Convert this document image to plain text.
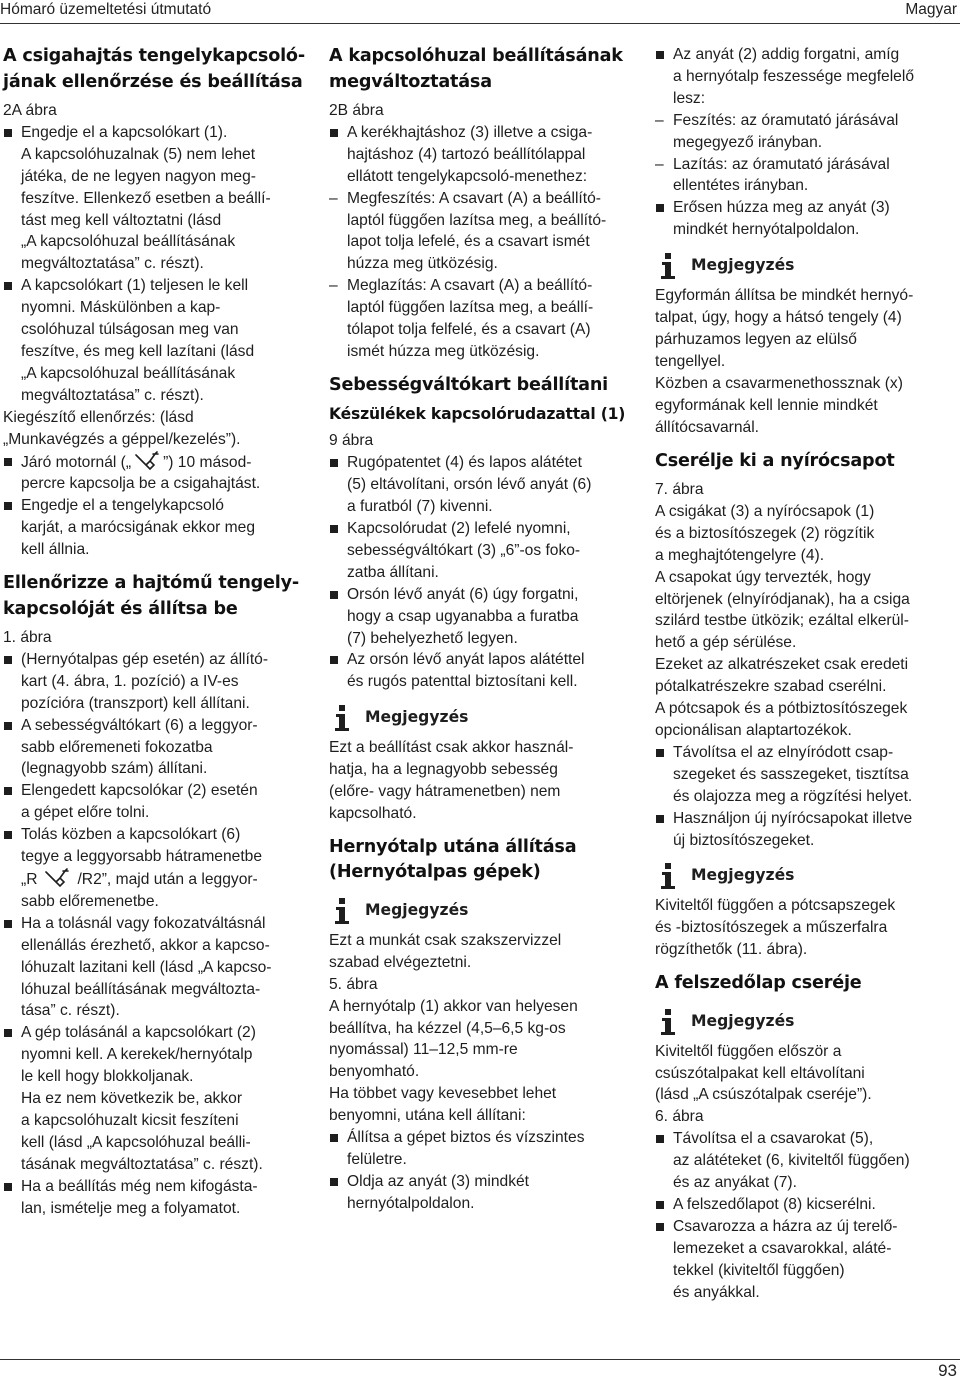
Hómaró üzemeltetési útmutató	Magyar
A csigahajtás tengelykapcsoló-jának ellenőrzése és beállítása

2A ábra

Engedje el a kapcsolókart (1).
A kapcsolóhuzalnak (5) nem lehet
játéka, de ne legyen nagyon meg-
feszítve. Ellenkező esetben a beállí-
tást meg kell változtatni (lásd
„A kapcsolóhuzal beállításának
megváltoztatása” c. részt).
A kapcsolókart (1) teljesen le kell
nyomni. Máskülönben a kap-
csolóhuzal túlságosan meg van
feszítve, és meg kell lazítani (lásd
„A kapcsolóhuzal beállításának
megváltoztatása” c. részt).

Kiegészítő ellenőrzés: (lásd
„Munkavégzés a géppel/kezelés”).

Járó motornál („ ”) 10 másod-
percre kapcsolja be a csigahajtást.
Engedje el a tengelykapcsoló
karját, a marócsigának ekkor meg
kell állnia.
Ellenőrizze a hajtómű tengely-kapcsolóját és állítsa be

1. ábra

(Hernyótalpas gép esetén) az állító-
kart (4. ábra, 1. pozíció) a IV-es
pozícióra (transzport) kell állítani.
A sebességváltókart (6) a leggyor-
sabb előremeneti fokozatba
(legnagyobb szám) állítani.
Elengedett kapcsolókar (2) esetén
a gépet előre tolni.
Tolás közben a kapcsolókart (6)
tegye a leggyorsabb hátramenetbe
„R	/R2”, majd után a leggyor-
sabb előremenetbe.
Ha a tolásnál vagy fokozatváltásnál
ellenállás érezhető, akkor a kapcso-
lóhuzalt lazitani kell (lásd „A kapcso-
lóhuzal beállításának megváltozta-
tása” c. részt).
A gép tolásánál a kapcsolókart (2)
nyomni kell. A kerekek/hernyótalp
le kell hogy blokkoljanak.
Ha ez nem következik be, akkor
a kapcsolóhuzalt kicsit feszíteni
kell (lásd „A kapcsolóhuzal beálli-
tásának megváltoztatása” c. részt).
Ha a beállítás még nem kifogásta-
lan, ismételje meg a folyamatot.
A kapcsolóhuzal beállításának megváltoztatása

2B ábra

A kerékhajtáshoz (3) illetve a csiga-
hajtáshoz (4) tartozó beállítólappal
ellátott tengelykapcsoló-menethez:
– Megfeszítés: A csavart (A) a beállító-
laptól függően lazítsa meg, a beállító-
lapot tolja lefelé, és a csavart ismét
húzza meg ütközésig.
– Meglazítás: A csavart (A) a beállító-
laptól függően lazítsa meg, a beállí-
tólapot tolja felfelé, és a csavart (A)
ismét húzza meg ütközésig.
Sebességváltókart beállítani
Készülékek kapcsolórudazattal (1)

9 ábra

Rugópatentet (4) és lapos alátétet
(5) eltávolítani, orsón lévő anyát (6)
a furatból (7) kivenni.
Kapcsolórudat (2) lefelé nyomni,
sebességváltókart (3) „6”-os foko-
zatba állítani.
Orsón lévő anyát (6) úgy forgatni,
hogy a csap ugyanabba a furatba
(7) behelyezhető legyen.
Az orsón lévő anyát lapos alátéttel
és rugós patenttal biztosítani kell.
Megjegyzés

Ezt a beállítást csak akkor használ-
hatja, ha a legnagyobb sebesség
(előre- vagy hátramenetben) nem
kapcsolható.

Hernyótalp utána állítása (Hernyótalpas gépek)
Megjegyzés

Ezt a munkát csak szakszervizzel
szabad elvégeztetni.

5. ábra

A hernyótalp (1) akkor van helyesen
beállítva, ha kézzel (4,5–6,5 kg-os
nyomással) 11–12,5 mm-re
benyomható.

Ha többet vagy kevesebbet lehet
benyomni, utána kell állítani:

Állítsa a gépet biztos és vízszintes
felületre.
Oldja az anyát (3) mindkét
hernyótalpoldalon.
Az anyát (2) addig forgatni, amíg
a hernyótalp feszessége megfelelő
lesz:
– Feszítés: az óramutató járásával
megegyező irányban.
– Lazítás: az óramutató járásával
ellentétes irányban.
Erősen húzza meg az anyát (3)
mindkét hernyótalpoldalon.
Megjegyzés

Egyformán állítsa be mindkét hernyó-
talpat, úgy, hogy a hátsó tengely (4)
párhuzamos legyen az elülső
tengellyel.
Közben a csavarmenethossznak (x)
egyformának kell lennie mindkét
állítócsavarnál.

Cserélje ki a nyírócsapot

7. ábra

A csigákat (3) a nyírócsapok (1)
és a biztosítószegek (2) rögzítik
a meghajtótengelyre (4).
A csapokat úgy tervezték, hogy
eltörjenek (elnyíródjanak), ha a csiga
szilárd testbe ütközik; ezáltal elkerül-
hető a gép sérülése.
Ezeket az alkatrészeket csak eredeti
pótalkatrészekre szabad cserélni.
A pótcsapok és a pótbiztosítószegek
opcionálisan alaptartozékok.

Távolítsa el az elnyíródott csap-
szegeket és sasszegeket, tisztítsa
és olajozza meg a rögzítési helyet.
Használjon új nyírócsapokat illetve
új biztosítószegeket.
Megjegyzés

Kiviteltől függően a pótcsapszegek
és -biztosítószegek a műszerfalra
rögzíthetők (11. ábra).

A felszedőlap cseréje
Megjegyzés

Kiviteltől függően először a
csúszótalpakat kell eltávolítani
(lásd „A csúszótalpak cseréje”).

6. ábra

Távolítsa el a csavarokat (5),
az alátéteket (6, kiviteltől függően)
és az anyákat (7).
A felszedőlapot (8) kicserélni.
Csavarozza a házra az új terelő-
lemezeket a csavarokkal, aláté-
tekkel (kiviteltől függően)
és anyákkal.
93
